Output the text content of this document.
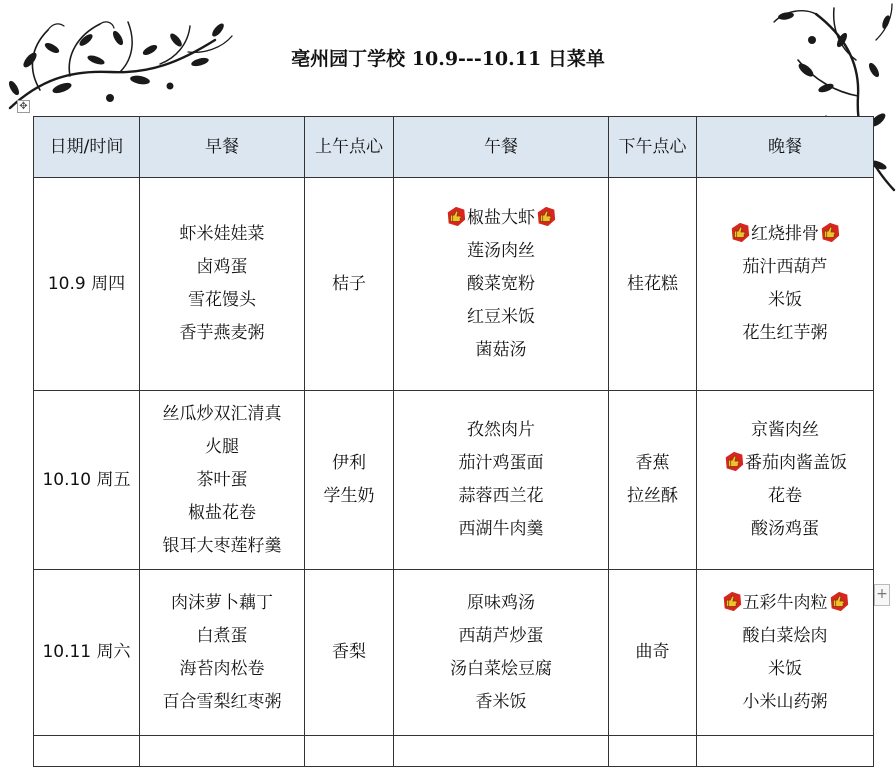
亳州园丁学校 10.9---10.11 日菜单
✥
+
日期/时间	早餐	上午点心	午餐	下午点心	晚餐
10.9 周四	虾米娃娃菜
卤鸡蛋
雪花馒头
香芋燕麦粥	桔子	椒盐大虾
莲汤肉丝
酸菜宽粉
红豆米饭
菌菇汤	桂花糕	红烧排骨
茄汁西葫芦
米饭
花生红芋粥

10.10 周五	丝瓜炒双汇清真
火腿
茶叶蛋
椒盐花卷
银耳大枣莲籽羹	伊利
学生奶	孜然肉片
茄汁鸡蛋面
蒜蓉西兰花
西湖牛肉羹	香蕉
拉丝酥	京酱肉丝
番茄肉酱盖饭
花卷
酸汤鸡蛋

10.11 周六	肉沫萝卜藕丁
白煮蛋
海苔肉松卷
百合雪梨红枣粥	香梨	原味鸡汤
西葫芦炒蛋
汤白菜烩豆腐
香米饭	曲奇	五彩牛肉粒
酸白菜烩肉
米饭
小米山药粥
